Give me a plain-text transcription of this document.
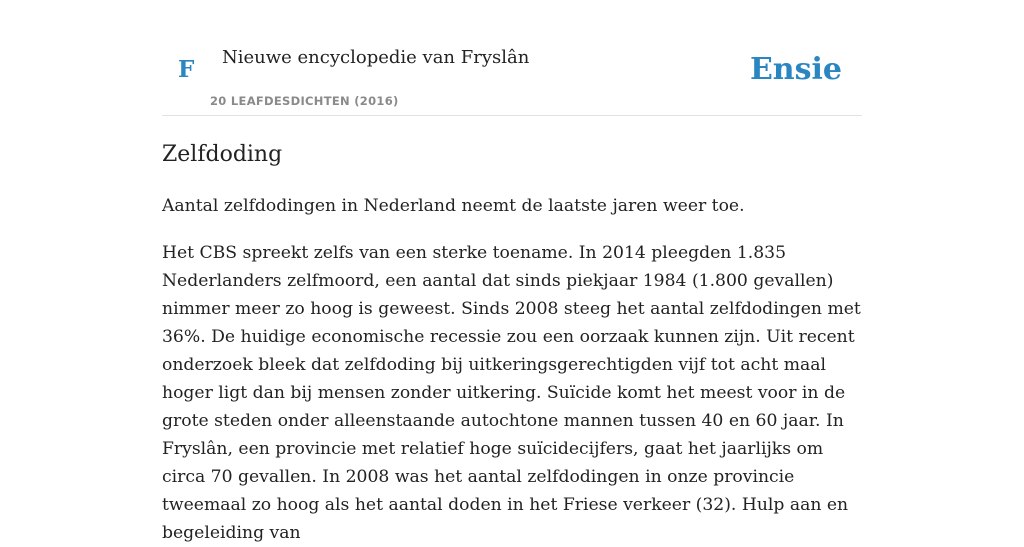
F Nieuwe encyclopedie van Fryslân
20 LEAFDESDICHTEN (2016)
Ensie
Zelfdoding

Aantal zelfdodingen in Nederland neemt de laatste jaren weer toe.

Het CBS spreekt zelfs van een sterke toename. In 2014 pleegden 1.835 Nederlanders zelfmoord, een aantal dat sinds piekjaar 1984 (1.800 gevallen) nimmer meer zo hoog is geweest. Sinds 2008 steeg het aantal zelfdodingen met 36%. De huidige economische recessie zou een oorzaak kunnen zijn. Uit recent onderzoek bleek dat zelfdoding bij uitkeringsgerechtigden vijf tot acht maal hoger ligt dan bij mensen zonder uitkering. Suïcide komt het meest voor in de grote steden onder alleenstaande autochtone mannen tussen 40 en 60 jaar. In Fryslân, een provincie met relatief hoge suïcidecijfers, gaat het jaarlijks om circa 70 gevallen. In 2008 was het aantal zelfdodingen in onze provincie tweemaal zo hoog als het aantal doden in het Friese verkeer (32). Hulp aan en begeleiding van
